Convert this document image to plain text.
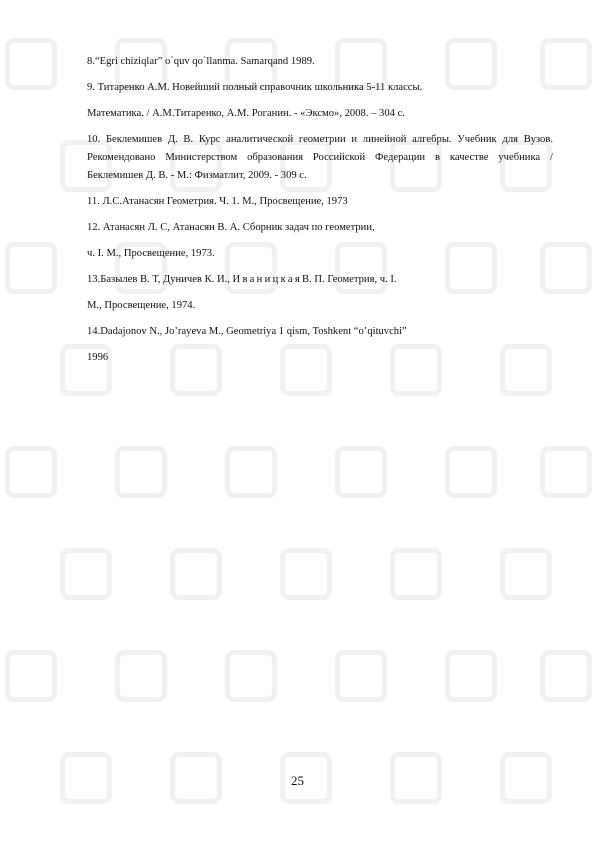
8.“Egri chiziqlar” o`quv qo`llanma. Samarqand 1989.

9. Титаренко А.М. Новейший полный справочник школьника 5-11 классы.

Математика. / А.М.Титаренко, А.М. Роганин. - «Эксмо», 2008. – 304 с.

10. Беклемишев Д. В. Курс аналитической геометрии и линейной алгебры. Учебник для Вузов. Рекомендовано Министерством образования Российской Федерации в качестве учебника / Беклемишев Д. В. - М.: Физматлит, 2009. - 309 с.

11. Л.С.Атанасян Геометрия. Ч. 1. М., Просвещение, 1973

12. Атанасян Л. С, Атанасян В. А. Сборник задач по геометрии,

ч. I. М., Просвещение, 1973.

13.Базылев В. Т, Дуничев К. И., ИваницкаяВ. П. Геометрия, ч. I.

М., Просвещение, 1974.

14.Dadajonov N., Jo’rayeva M., Geometriya 1 qism, Toshkent “o’qituvchi”

1996

25
